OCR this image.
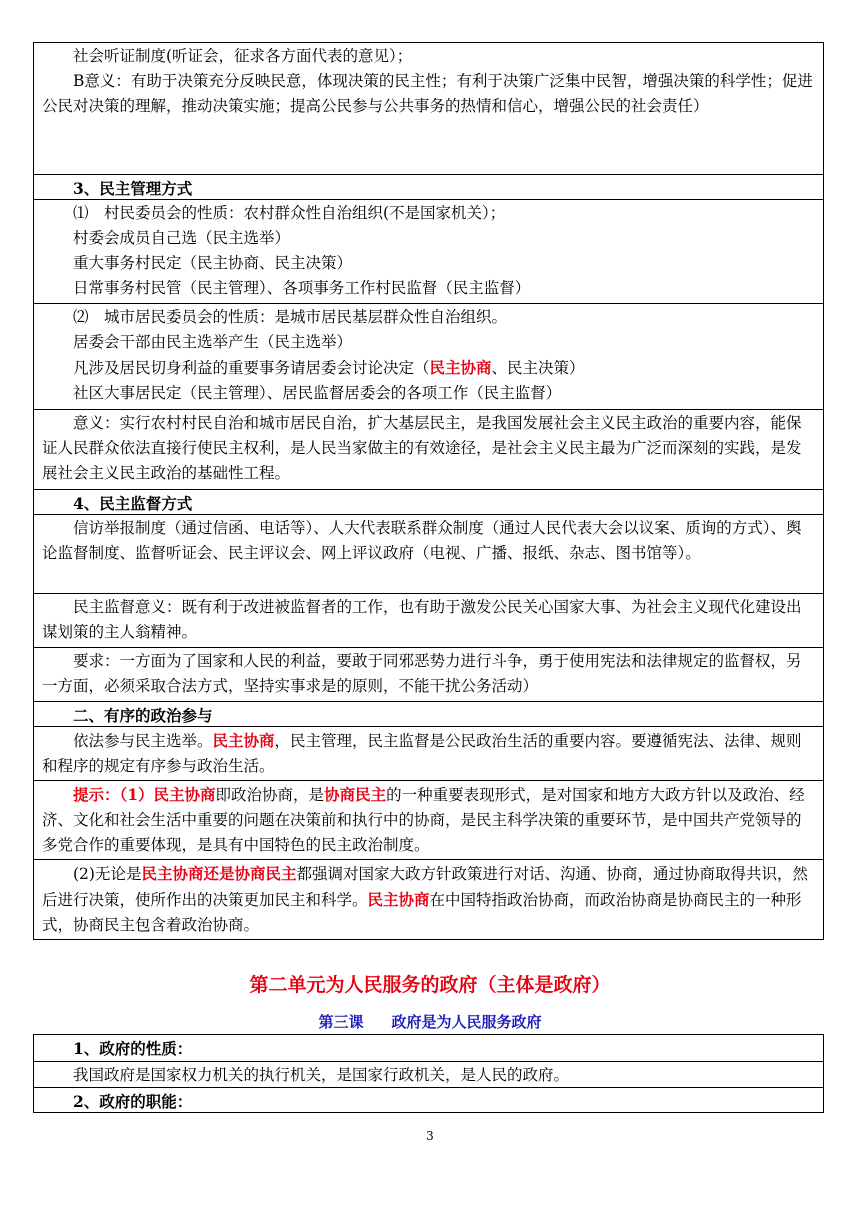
社会听证制度(听证会，征求各方面代表的意见）；

B意义：有助于决策充分反映民意，体现决策的民主性；有利于决策广泛集中民智，增强决策的科学性；促进公民对决策的理解，推动决策实施；提高公民参与公共事务的热情和信心，增强公民的社会责任）

3、民主管理方式

⑴　村民委员会的性质：农村群众性自治组织(不是国家机关）；

村委会成员自己选（民主选举）

重大事务村民定（民主协商、民主决策）

日常事务村民管（民主管理）、各项事务工作村民监督（民主监督）

⑵　城市居民委员会的性质：是城市居民基层群众性自治组织。

居委会干部由民主选举产生（民主选举）

凡涉及居民切身利益的重要事务请居委会讨论决定（民主协商、民主决策）

社区大事居民定（民主管理）、居民监督居委会的各项工作（民主监督）

意义：实行农村村民自治和城市居民自治，扩大基层民主，是我国发展社会主义民主政治的重要内容，能保证人民群众依法直接行使民主权利，是人民当家做主的有效途径，是社会主义民主最为广泛而深刻的实践，是发展社会主义民主政治的基础性工程。

4、民主监督方式

信访举报制度（通过信函、电话等）、人大代表联系群众制度（通过人民代表大会以议案、质询的方式）、舆论监督制度、监督听证会、民主评议会、网上评议政府（电视、广播、报纸、杂志、图书馆等）。

民主监督意义：既有利于改进被监督者的工作，也有助于激发公民关心国家大事、为社会主义现代化建设出谋划策的主人翁精神。

要求：一方面为了国家和人民的利益，要敢于同邪恶势力进行斗争，勇于使用宪法和法律规定的监督权，另一方面，必须采取合法方式，坚持实事求是的原则，不能干扰公务活动）

二、有序的政治参与

依法参与民主选举。民主协商，民主管理，民主监督是公民政治生活的重要内容。要遵循宪法、法律、规则和程序的规定有序参与政治生活。

提示：（1）民主协商即政治协商，是协商民主的一种重要表现形式，是对国家和地方大政方针以及政治、经济、文化和社会生活中重要的问题在决策前和执行中的协商，是民主科学决策的重要环节，是中国共产党领导的多党合作的重要体现，是具有中国特色的民主政治制度。

(2)无论是民主协商还是协商民主都强调对国家大政方针政策进行对话、沟通、协商，通过协商取得共识，然后进行决策，使所作出的决策更加民主和科学。民主协商在中国特指政治协商，而政治协商是协商民主的一种形式，协商民主包含着政治协商。

第二单元为人民服务的政府（主体是政府）
第三课 政府是为人民服务政府

1、政府的性质：

我国政府是国家权力机关的执行机关，是国家行政机关，是人民的政府。

2、政府的职能：

3
